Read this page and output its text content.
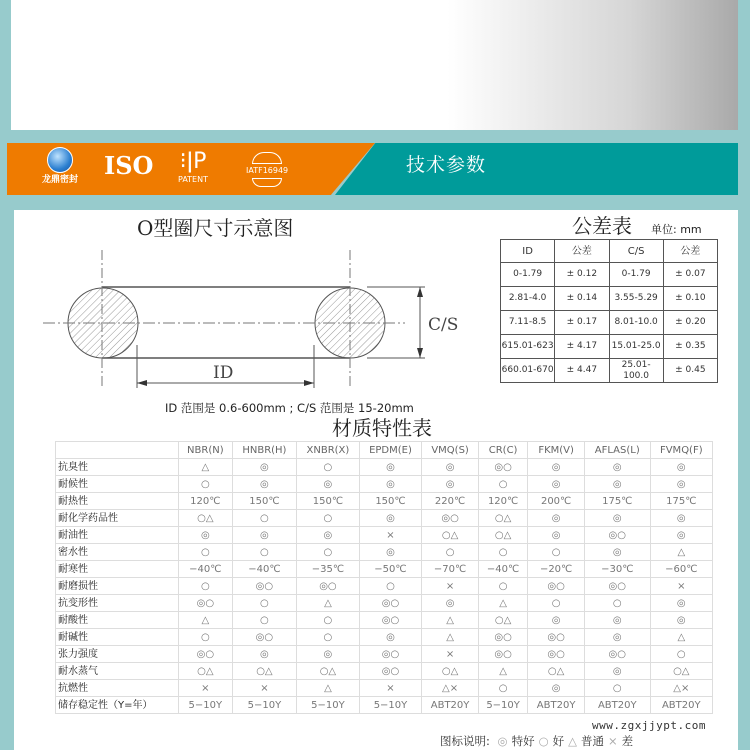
龙鼎密封 ISO ⁝ǀP
PATENT
IATF16949	技术参数
O型圈尺寸示意图
ID
C/S
公差表 单位: mm
ID	公差	C/S	公差
0-1.79	± 0.12	0-1.79	± 0.07
2.81-4.0	± 0.14	3.55-5.29	± 0.10
7.11-8.5	± 0.17	8.01-10.0	± 0.20
615.01-623	± 4.17	15.01-25.0	± 0.35
660.01-670	± 4.47	25.01-100.0	± 0.45
ID 范围是 0.6-600mm ; C/S 范围是 15-20mm
材质特性表
	NBR(N)	HNBR(H)	XNBR(X)	EPDM(E)	VMQ(S)	CR(C)	FKM(V)	AFLAS(L)	FVMQ(F)
抗臭性	△	◎	○	◎	◎	◎○	◎	◎	◎
耐候性	○	◎	◎	◎	◎	○	◎	◎	◎
耐热性	120℃	150℃	150℃	150℃	220℃	120℃	200℃	175℃	175℃
耐化学药品性	○△	○	○	◎	◎○	○△	◎	◎	◎
耐油性	◎	◎	◎	×	○△	○△	◎	◎○	◎
密水性	○	○	○	◎	○	○	○	◎	△
耐寒性	−40℃	−40℃	−35℃	−50℃	−70℃	−40℃	−20℃	−30℃	−60℃
耐磨损性	○	◎○	◎○	○	×	○	◎○	◎○	×
抗变形性	◎○	○	△	◎○	◎	△	○	○	◎
耐酸性	△	○	○	◎○	△	○△	◎	◎	◎
耐碱性	○	◎○	○	◎	△	◎○	◎○	◎	△
张力强度	◎○	◎	◎	◎○	×	◎○	◎○	◎○	○
耐水蒸气	○△	○△	○△	◎○	○△	△	○△	◎	○△
抗燃性	×	×	△	×	△×	○	◎	○	△×
储存稳定性（Y=年）	5−10Y	5−10Y	5−10Y	5−10Y	ABT20Y	5−10Y	ABT20Y	ABT20Y	ABT20Y
www.zgxjjypt.com
图标说明: ◎ 特好 ○ 好 △ 普通 × 差
